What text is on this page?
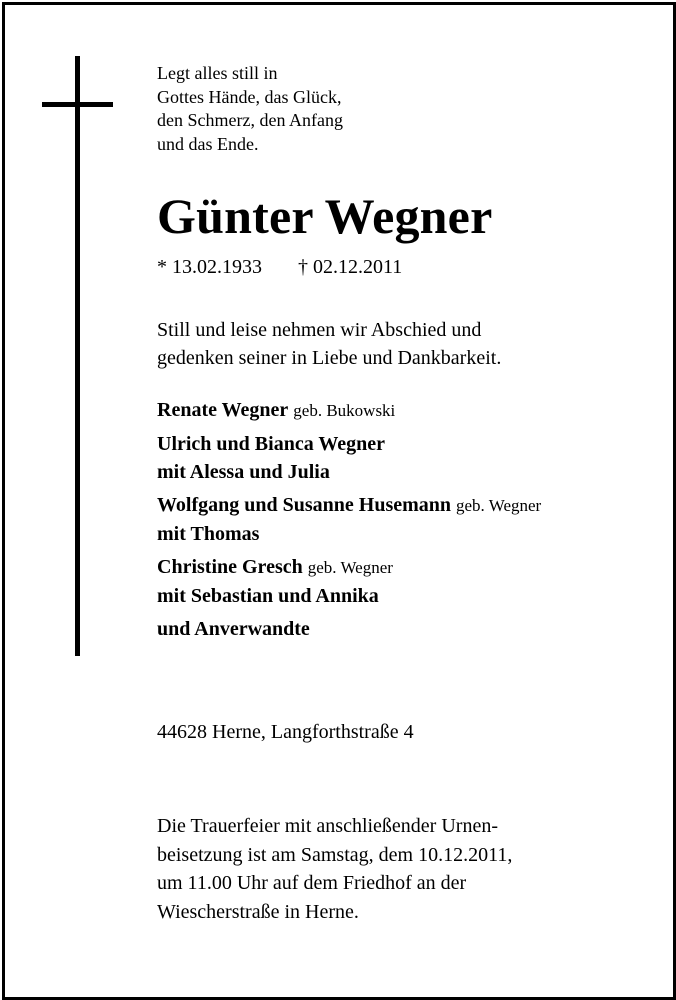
Legt alles still in
Gottes Hände, das Glück,
den Schmerz, den Anfang
und das Ende.
Günter Wegner
* 13.02.1933 † 02.12.2011
Still und leise nehmen wir Abschied und
gedenken seiner in Liebe und Dankbarkeit.
Renate Wegner geb. Bukowski
Ulrich und Bianca Wegner
mit Alessa und Julia
Wolfgang und Susanne Husemann geb. Wegner
mit Thomas
Christine Gresch geb. Wegner
mit Sebastian und Annika
und Anverwandte
44628 Herne, Langforthstraße 4
Die Trauerfeier mit anschließender Urnen-
beisetzung ist am Samstag, dem 10.12.2011,
um 11.00 Uhr auf dem Friedhof an der
Wiescherstraße in Herne.
